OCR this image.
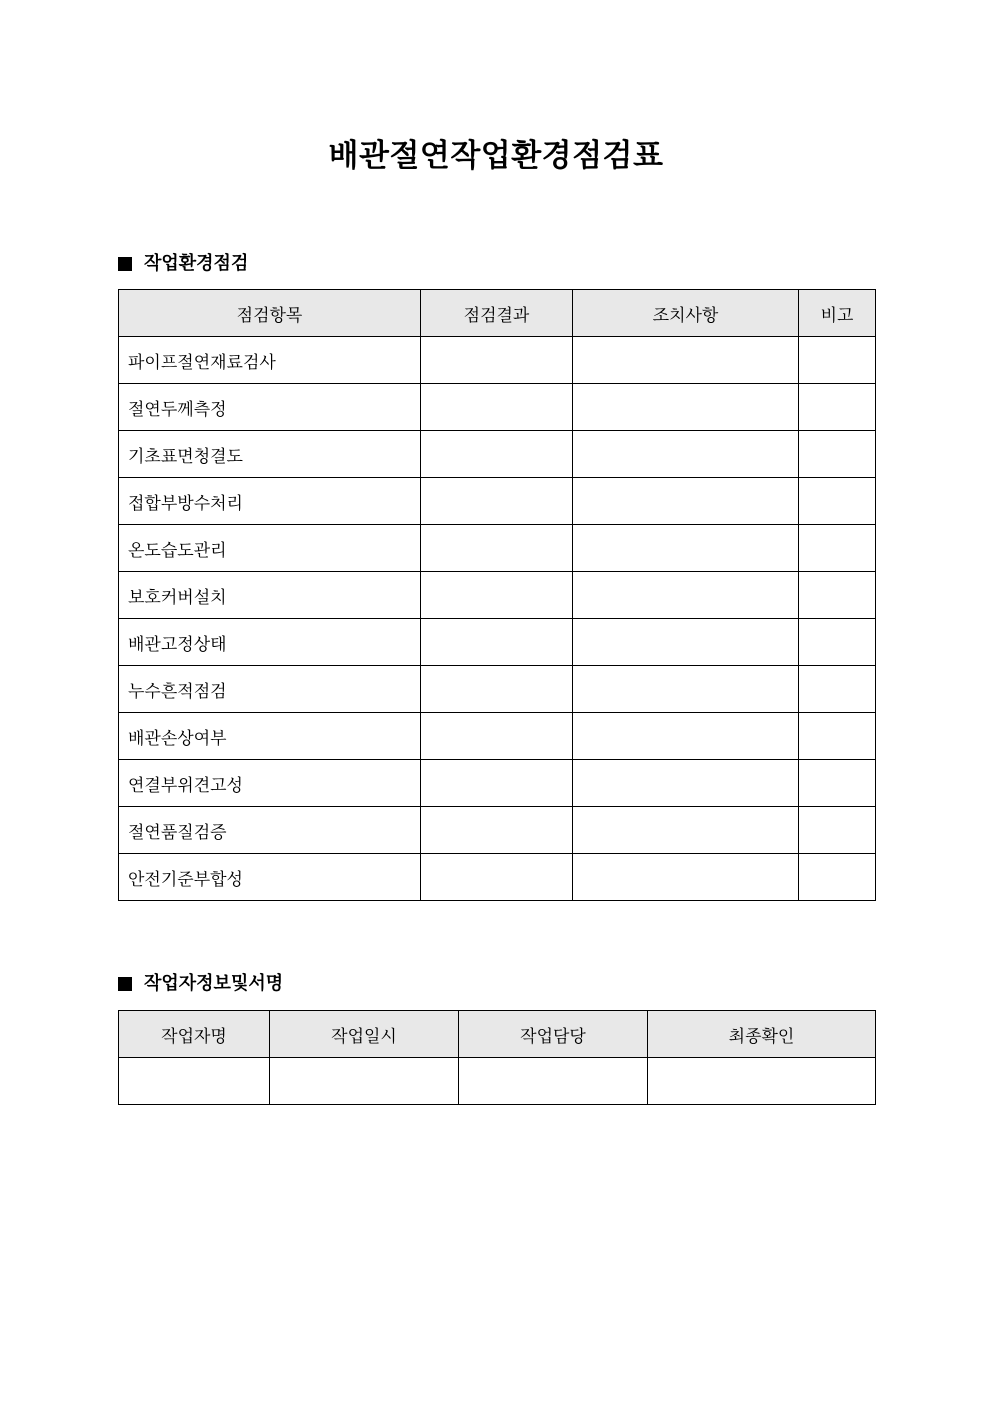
배관절연작업환경점검표
작업환경점검
점검항목	점검결과	조치사항	비고
파이프절연재료검사			
절연두께측정			
기초표면청결도			
접합부방수처리			
온도습도관리			
보호커버설치			
배관고정상태			
누수흔적점검			
배관손상여부			
연결부위견고성			
절연품질검증			
안전기준부합성			
작업자정보및서명
작업자명	작업일시	작업담당	최종확인
